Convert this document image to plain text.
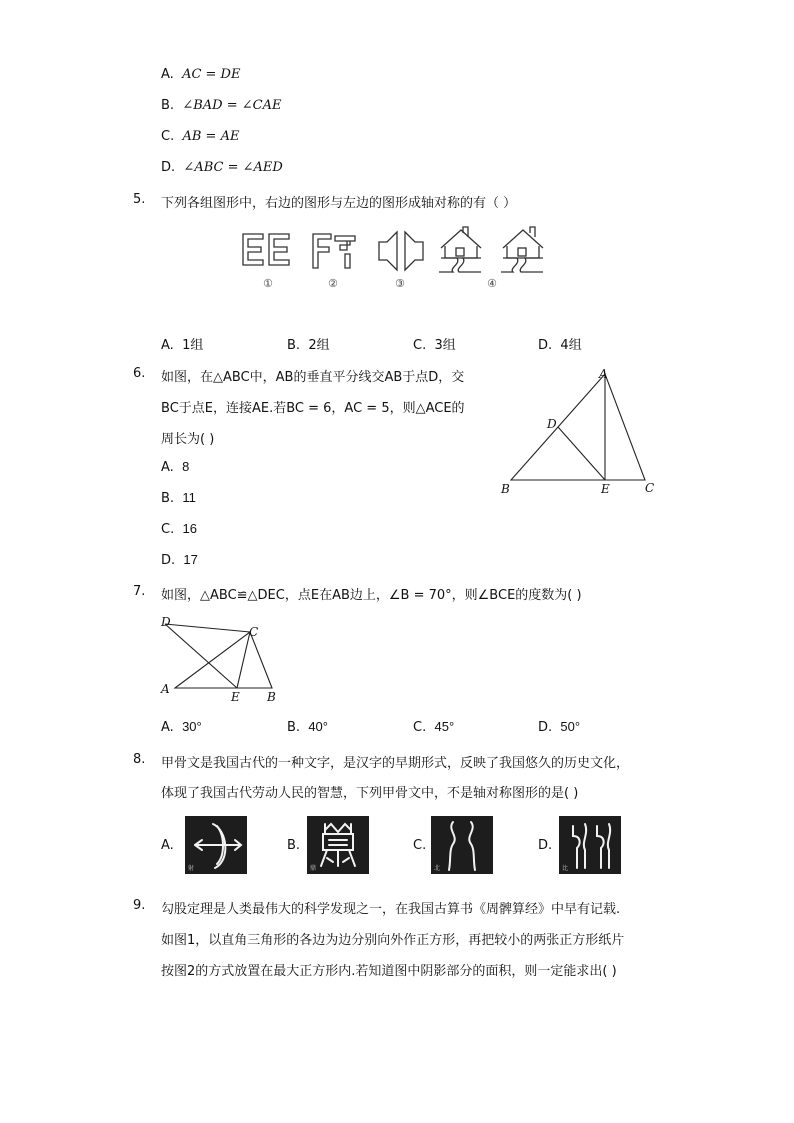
A. AC = DE
B. ∠BAD = ∠CAE
C. AB = AE
D. ∠ABC = ∠AED
5. 下列各组图形中，右边的图形与左边的图形成轴对称的有（ ）
①	②	③	④
A. 1组	B. 2组	C. 3组	D. 4组
6. 如图，在△ABC中，AB的垂直平分线交AB于点D，交
BC于点E，连接AE.若BC = 6，AC = 5，则△ACE的
周长为( )
A
D
B	E	C
A. 8
B. 11
C. 16
D. 17
7. 如图，△ABC≌△DEC，点E在AB边上，∠B = 70°，则∠BCE的度数为( )
D
C
A
E B
A. 30°	B. 40°	C. 45°	D. 50°
8. 甲骨文是我国古代的一种文字，是汉字的早期形式，反映了我国悠久的历史文化，
体现了我国古代劳动人民的智慧，下列甲骨文中，不是轴对称图形的是( )
A.
射
B.
鼎
C.
北
D.
比
9. 勾股定理是人类最伟大的科学发现之一，在我国古算书《周髀算经》中早有记载.
如图1，以直角三角形的各边为边分别向外作正方形，再把较小的两张正方形纸片
按图2的方式放置在最大正方形内.若知道图中阴影部分的面积，则一定能求出( )
